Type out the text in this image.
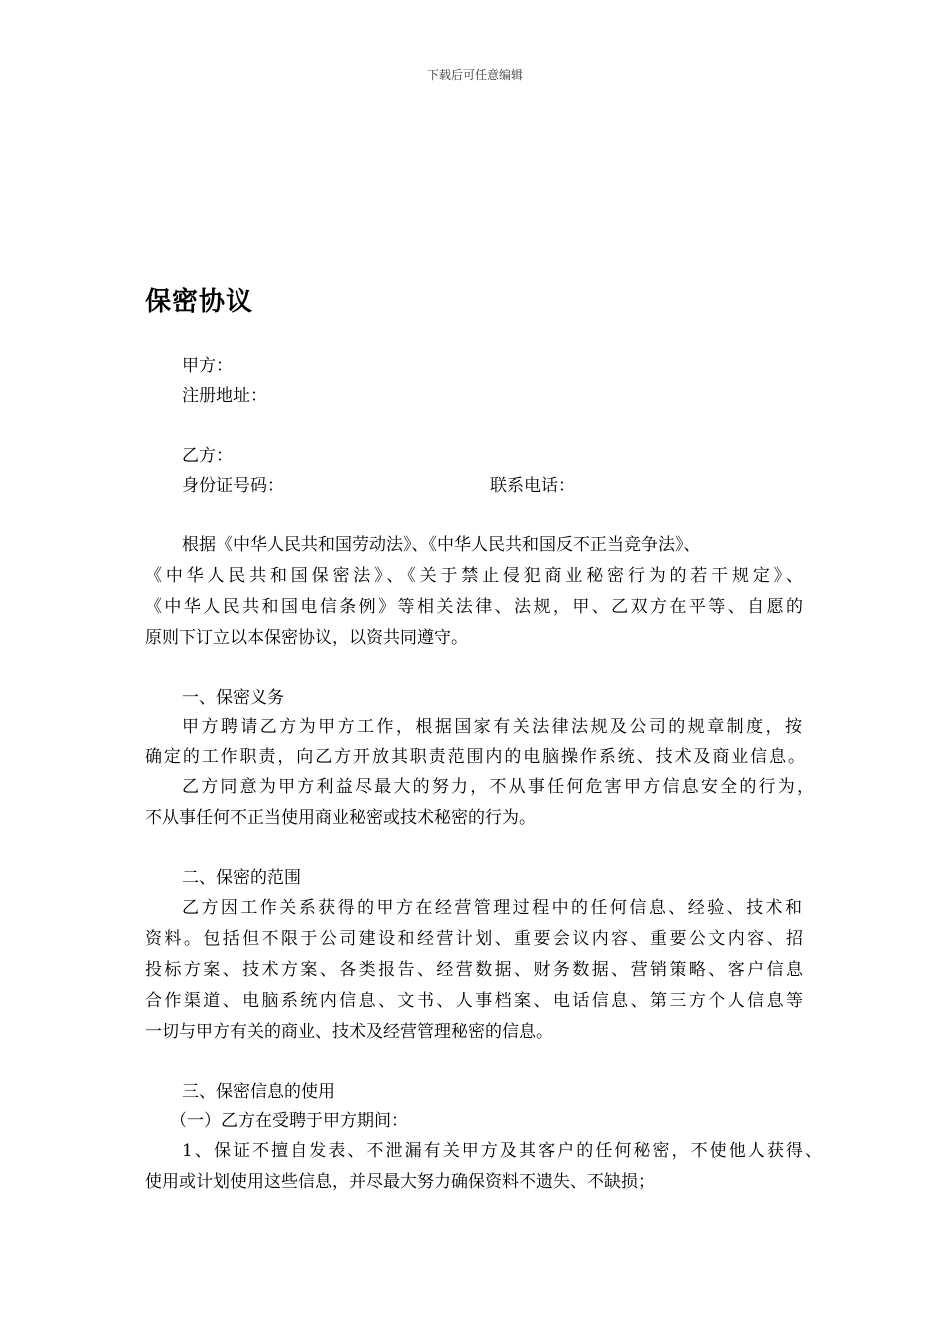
下载后可任意编辑
保密协议
甲方：
注册地址：
乙方：
身份证号码：	联系电话：
根据《中华人民共和国劳动法》、《中华人民共和国反不正当竞争法》、
《中华人民共和国保密法》、《关于禁止侵犯商业秘密行为的若干规定》、
《中华人民共和国电信条例》等相关法律、法规，甲、乙双方在平等、自愿的
原则下订立以本保密协议，以资共同遵守。
一、保密义务
甲方聘请乙方为甲方工作，根据国家有关法律法规及公司的规章制度，按
确定的工作职责，向乙方开放其职责范围内的电脑操作系统、技术及商业信息。
乙方同意为甲方利益尽最大的努力，不从事任何危害甲方信息安全的行为，
不从事任何不正当使用商业秘密或技术秘密的行为。
二、保密的范围
乙方因工作关系获得的甲方在经营管理过程中的任何信息、经验、技术和
资料。包括但不限于公司建设和经营计划、重要会议内容、重要公文内容、招
投标方案、技术方案、各类报告、经营数据、财务数据、营销策略、客户信息
合作渠道、电脑系统内信息、文书、人事档案、电话信息、第三方个人信息等
一切与甲方有关的商业、技术及经营管理秘密的信息。
三、保密信息的使用
（一）乙方在受聘于甲方期间：
1、保证不擅自发表、不泄漏有关甲方及其客户的任何秘密，不使他人获得、
使用或计划使用这些信息，并尽最大努力确保资料不遗失、不缺损；
